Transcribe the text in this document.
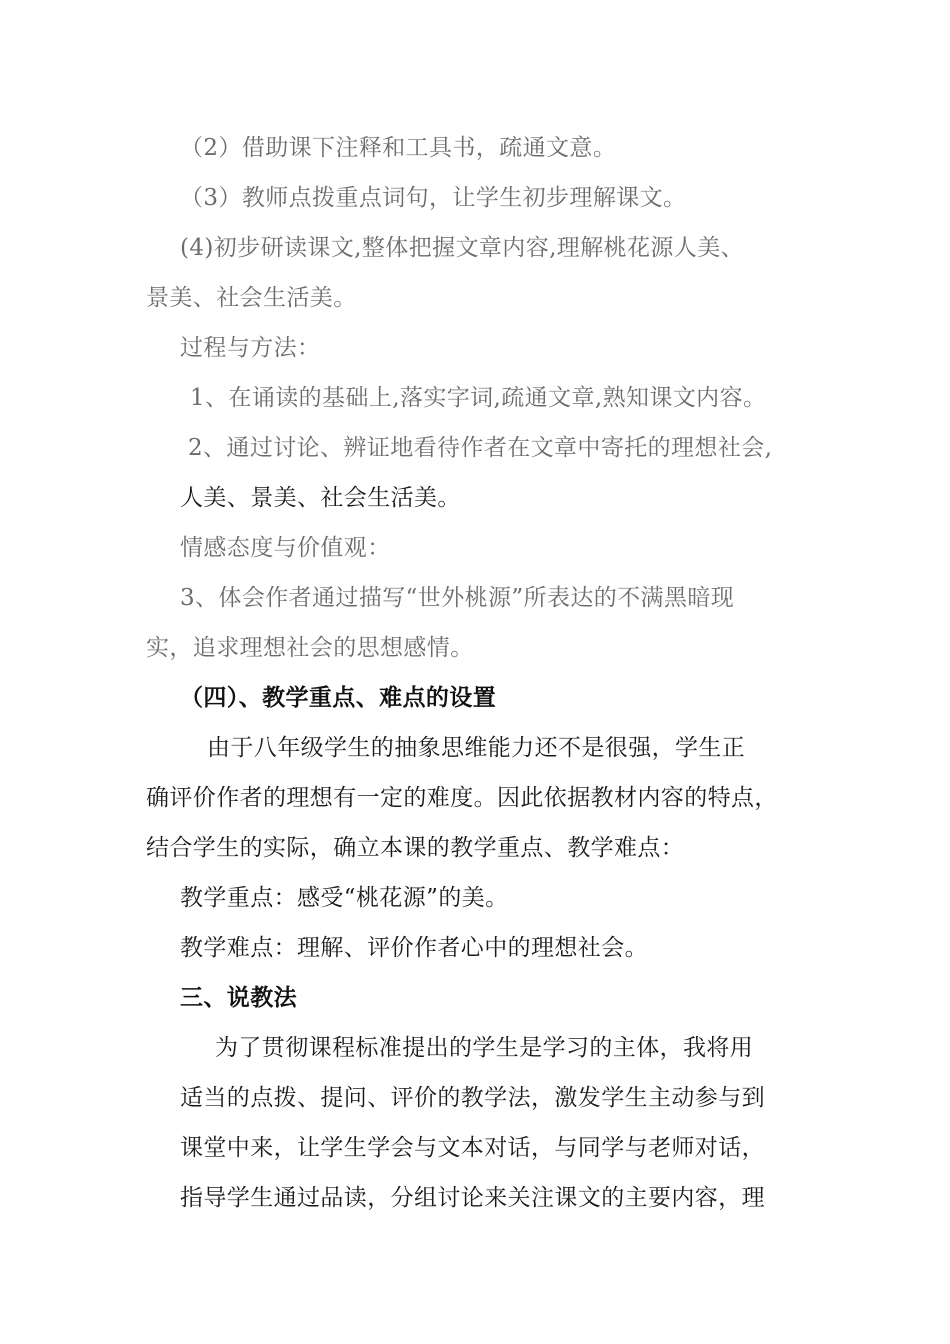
（2）借助课下注释和工具书，疏通文意。
（3）教师点拨重点词句，让学生初步理解课文。
(4)初步研读课文,整体把握文章内容,理解桃花源人美、
景美、社会生活美。
过程与方法：
1、在诵读的基础上,落实字词,疏通文章,熟知课文内容。
2、通过讨论、辨证地看待作者在文章中寄托的理想社会,
人美、景美、社会生活美。
情感态度与价值观：
3、体会作者通过描写“世外桃源”所表达的不满黑暗现
实，追求理想社会的思想感情。
（四）、教学重点、难点的设置
由于八年级学生的抽象思维能力还不是很强，学生正
确评价作者的理想有一定的难度。因此依据教材内容的特点，
结合学生的实际，确立本课的教学重点、教学难点：
教学重点：感受“桃花源”的美。
教学难点：理解、评价作者心中的理想社会。
三、说教法
为了贯彻课程标准提出的学生是学习的主体，我将用
适当的点拨、提问、评价的教学法，激发学生主动参与到
课堂中来，让学生学会与文本对话，与同学与老师对话，
指导学生通过品读，分组讨论来关注课文的主要内容，理
